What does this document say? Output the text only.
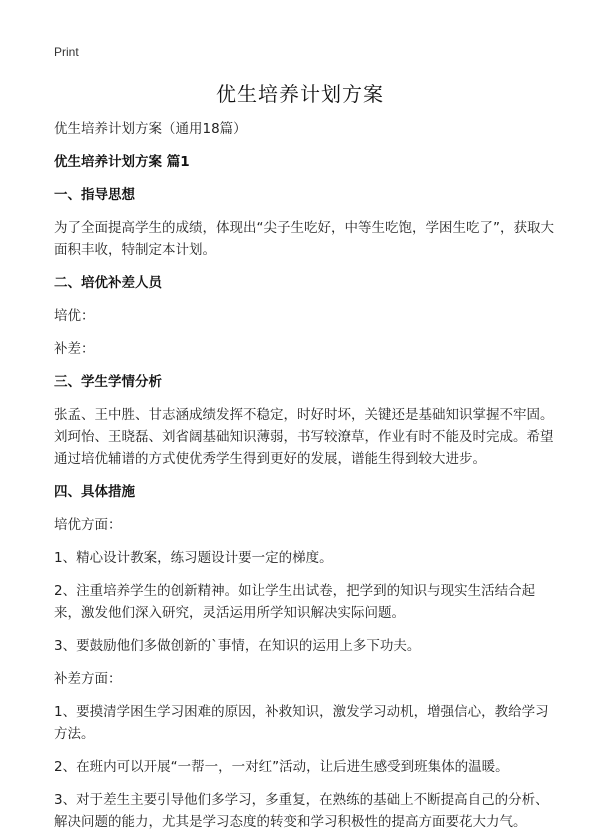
Print
优生培养计划方案

优生培养计划方案（通用18篇）

优生培养计划方案 篇1

一、指导思想

为了全面提高学生的成绩，体现出“尖子生吃好，中等生吃饱，学困生吃了”，获取大面积丰收，特制定本计划。

二、培优补差人员

培优：

补差：

三、学生学情分析

张孟、王中胜、甘志涵成绩发挥不稳定，时好时坏，关键还是基础知识掌握不牢固。刘珂怡、王晓磊、刘省阔基础知识薄弱，书写较潦草，作业有时不能及时完成。希望通过培优辅谱的方式使优秀学生得到更好的发展，谱能生得到较大进步。

四、具体措施

培优方面：

1、精心设计教案，练习题设计要一定的梯度。

2、注重培养学生的创新精神。如让学生出试卷，把学到的知识与现实生活结合起来，激发他们深入研究，灵活运用所学知识解决实际问题。

3、要鼓励他们多做创新的`事情，在知识的运用上多下功夫。

补差方面：

1、要摸清学困生学习困难的原因，补救知识，激发学习动机，增强信心，教给学习方法。

2、在班内可以开展“一帮一，一对红”活动，让后进生感受到班集体的温暖。

3、对于差生主要引导他们多学习，多重复，在熟练的基础上不断提高自己的分析、解决问题的能力，尤其是学习态度的转变和学习积极性的提高方面要花大力气。
